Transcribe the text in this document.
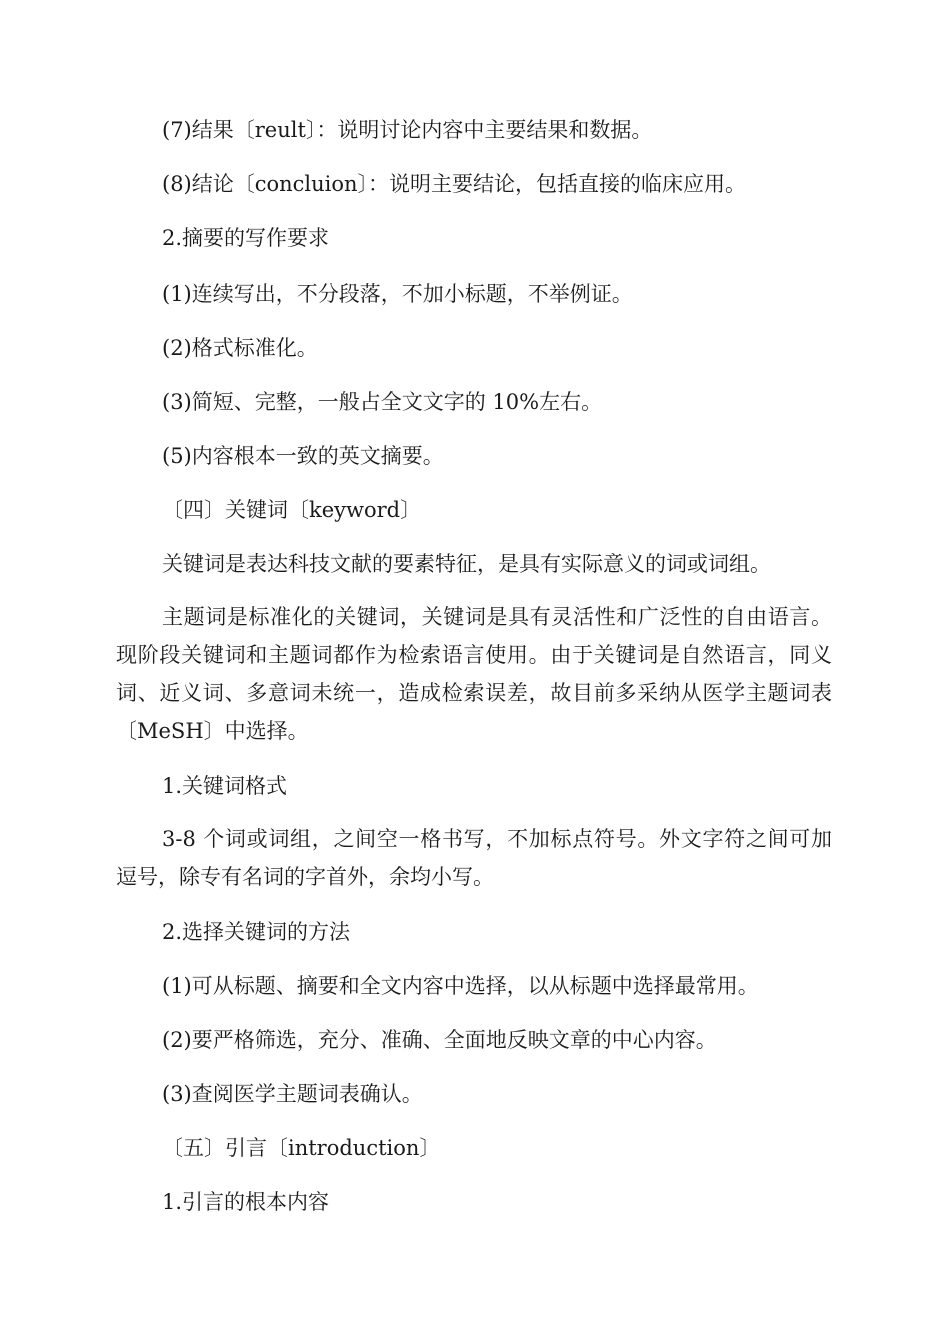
(7)结果〔reult〕：说明讨论内容中主要结果和数据。

(8)结论〔concluion〕：说明主要结论，包括直接的临床应用。

2.摘要的写作要求

(1)连续写出，不分段落，不加小标题，不举例证。

(2)格式标准化。

(3)简短、完整，一般占全文文字的 10%左右。

(5)内容根本一致的英文摘要。

〔四〕关键词〔keyword〕

关键词是表达科技文献的要素特征，是具有实际意义的词或词组。

主题词是标准化的关键词，关键词是具有灵活性和广泛性的自由语言。现阶段关键词和主题词都作为检索语言使用。由于关键词是自然语言，同义词、近义词、多意词未统一，造成检索误差，故目前多采纳从医学主题词表〔MeSH〕中选择。

1.关键词格式

3-8 个词或词组，之间空一格书写，不加标点符号。外文字符之间可加逗号，除专有名词的字首外，余均小写。

2.选择关键词的方法

(1)可从标题、摘要和全文内容中选择，以从标题中选择最常用。

(2)要严格筛选，充分、准确、全面地反映文章的中心内容。

(3)查阅医学主题词表确认。

〔五〕引言〔introduction〕

1.引言的根本内容
